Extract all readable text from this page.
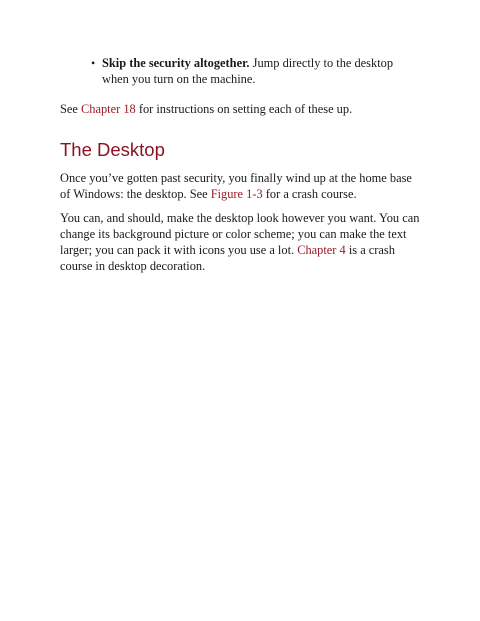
• Skip the security altogether. Jump directly to the desktop when you turn on the machine.

See Chapter 18 for instructions on setting each of these up.

The Desktop

Once you’ve gotten past security, you finally wind up at the home base of Windows: the desktop. See Figure 1-3 for a crash course.

You can, and should, make the desktop look however you want. You can change its background picture or color scheme; you can make the text larger; you can pack it with icons you use a lot. Chapter 4 is a crash course in desktop decoration.
